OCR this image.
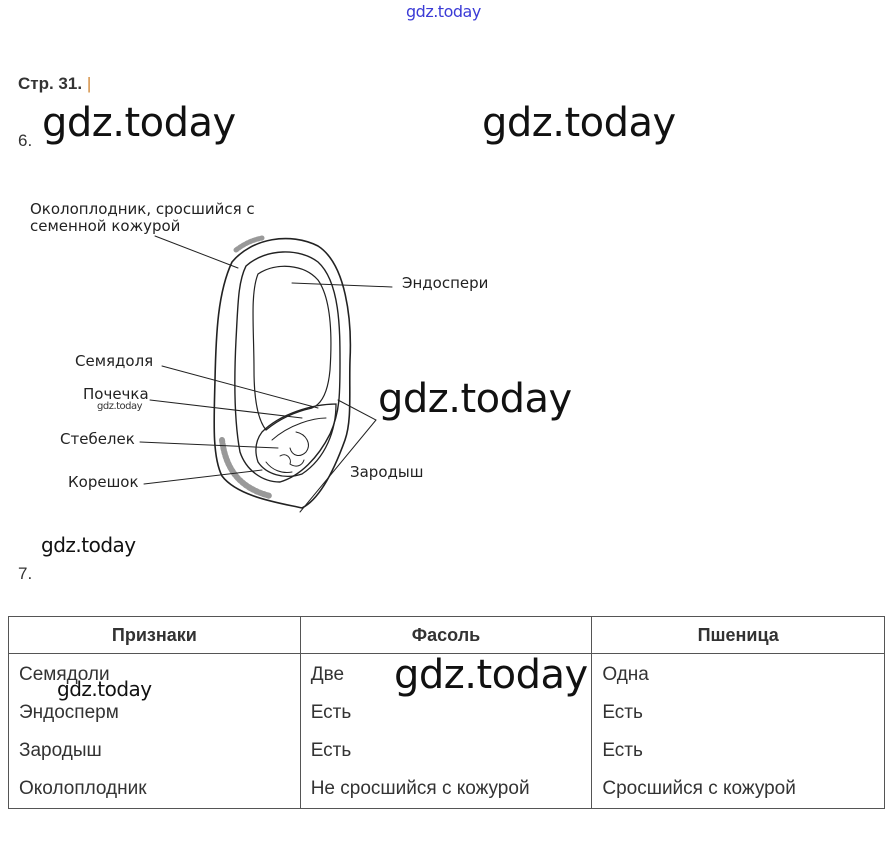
gdz.today
Стр. 31. |
6. gdz.today	gdz.today
Околоплодник, сросшийся с
семенной кожурой
Эндоспери
Семядоля
Почечка
gdz.today
Стебелек
Корешок
Зародыш
gdz.today
gdz.today
7.
Признаки	Фасоль	Пшеница
Семядоли	Две	Одна
Эндосперм	Есть	Есть
Зародыш	Есть	Есть
Околоплодник	Не сросшийся с кожурой	Сросшийся с кожурой
gdz.today	gdz.today
